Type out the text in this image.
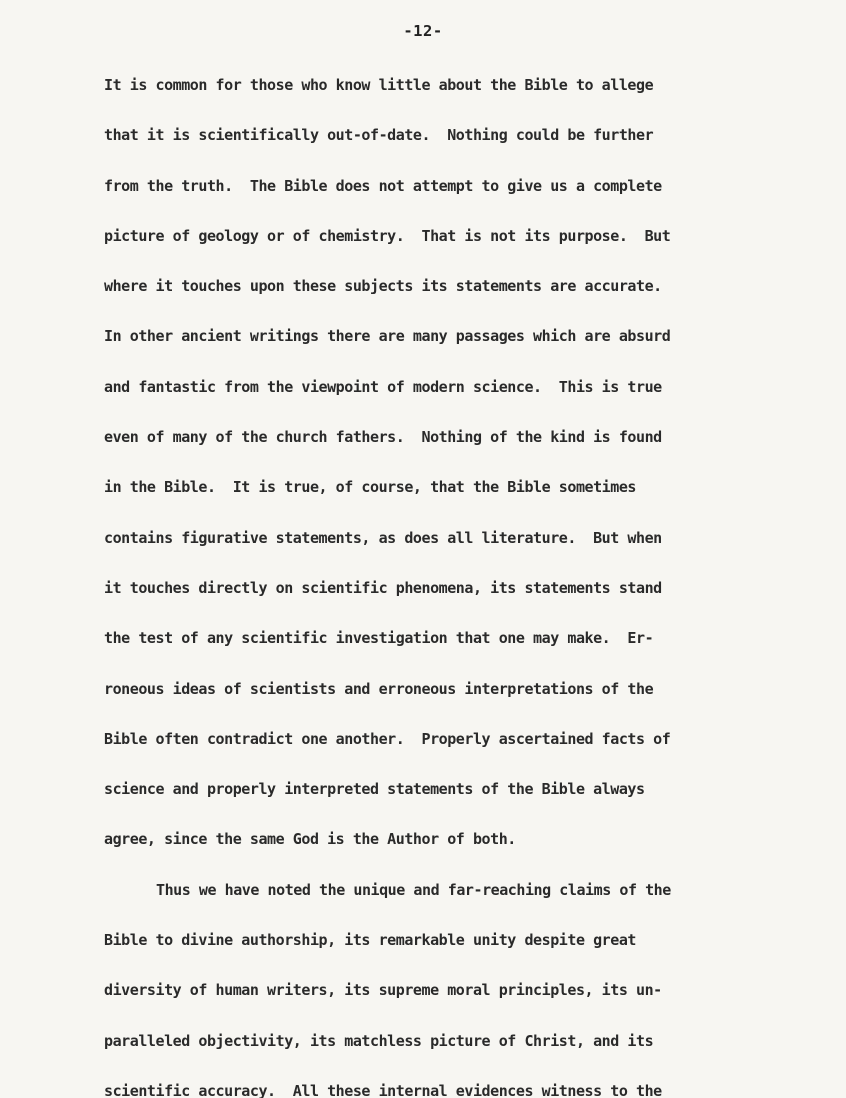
-12-
It is common for those who know little about the Bible to allege
that it is scientifically out-of-date.  Nothing could be further
from the truth.  The Bible does not attempt to give us a complete
picture of geology or of chemistry.  That is not its purpose.  But
where it touches upon these subjects its statements are accurate.
In other ancient writings there are many passages which are absurd
and fantastic from the viewpoint of modern science.  This is true
even of many of the church fathers.  Nothing of the kind is found
in the Bible.  It is true, of course, that the Bible sometimes
contains figurative statements, as does all literature.  But when
it touches directly on scientific phenomena, its statements stand
the test of any scientific investigation that one may make.  Er-
roneous ideas of scientists and erroneous interpretations of the
Bible often contradict one another.  Properly ascertained facts of
science and properly interpreted statements of the Bible always
agree, since the same God is the Author of both.
Thus we have noted the unique and far-reaching claims of the
Bible to divine authorship, its remarkable unity despite great
diversity of human writers, its supreme moral principles, its un-
paralleled objectivity, its matchless picture of Christ, and its
scientific accuracy.  All these internal evidences witness to the
